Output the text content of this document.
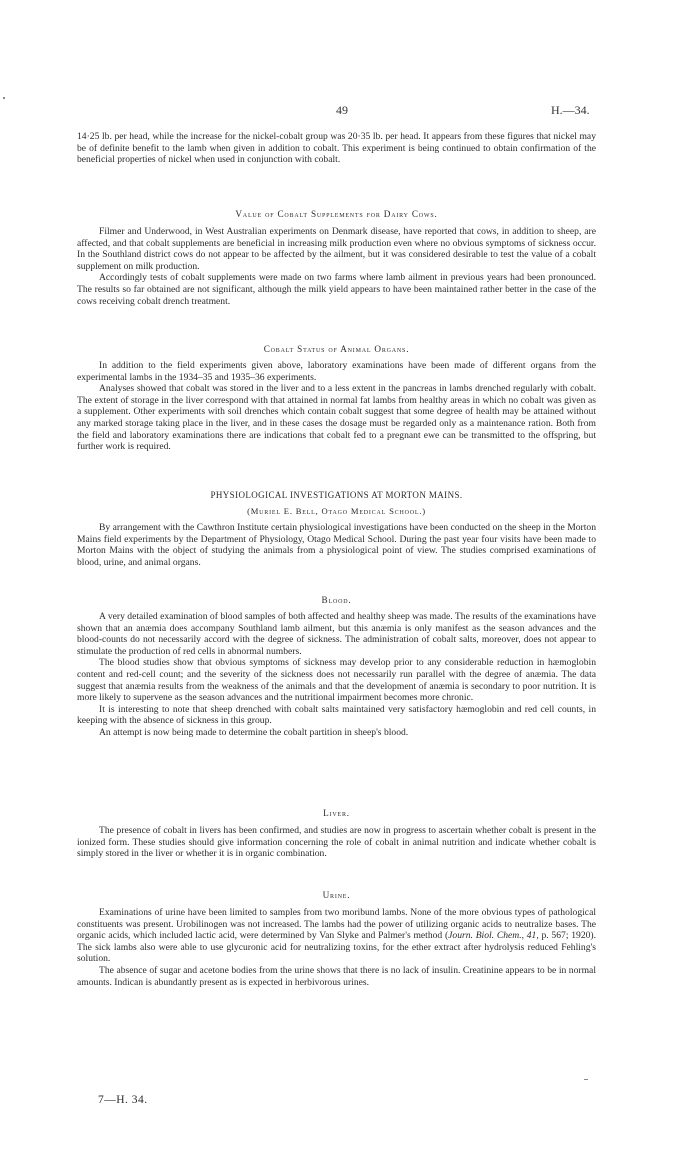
49	H.—34.

14·25 lb. per head, while the increase for the nickel-cobalt group was 20·35 lb. per head. It appears from these figures that nickel may be of definite benefit to the lamb when given in addition to cobalt. This experiment is being continued to obtain confirmation of the beneficial properties of nickel when used in conjunction with cobalt.

Value of Cobalt Supplements for Dairy Cows.

Filmer and Underwood, in West Australian experiments on Denmark disease, have reported that cows, in addition to sheep, are affected, and that cobalt supplements are beneficial in increasing milk production even where no obvious symptoms of sickness occur. In the Southland district cows do not appear to be affected by the ailment, but it was considered desirable to test the value of a cobalt supplement on milk production.

Accordingly tests of cobalt supplements were made on two farms where lamb ailment in previous years had been pronounced. The results so far obtained are not significant, although the milk yield appears to have been maintained rather better in the case of the cows receiving cobalt drench treatment.

Cobalt Status of Animal Organs.

In addition to the field experiments given above, laboratory examinations have been made of different organs from the experimental lambs in the 1934–35 and 1935–36 experiments.

Analyses showed that cobalt was stored in the liver and to a less extent in the pancreas in lambs drenched regularly with cobalt. The extent of storage in the liver correspond with that attained in normal fat lambs from healthy areas in which no cobalt was given as a supplement. Other experiments with soil drenches which contain cobalt suggest that some degree of health may be attained without any marked storage taking place in the liver, and in these cases the dosage must be regarded only as a maintenance ration. Both from the field and laboratory examinations there are indications that cobalt fed to a pregnant ewe can be transmitted to the offspring, but further work is required.

PHYSIOLOGICAL INVESTIGATIONS AT MORTON MAINS.
(Muriel E. Bell, Otago Medical School.)

By arrangement with the Cawthron Institute certain physiological investigations have been conducted on the sheep in the Morton Mains field experiments by the Department of Physiology, Otago Medical School. During the past year four visits have been made to Morton Mains with the object of studying the animals from a physiological point of view. The studies comprised examinations of blood, urine, and animal organs.

Blood.

A very detailed examination of blood samples of both affected and healthy sheep was made. The results of the examinations have shown that an anæmia does accompany Southland lamb ailment, but this anæmia is only manifest as the season advances and the blood-counts do not necessarily accord with the degree of sickness. The administration of cobalt salts, moreover, does not appear to stimulate the production of red cells in abnormal numbers.

The blood studies show that obvious symptoms of sickness may develop prior to any considerable reduction in hæmoglobin content and red-cell count; and the severity of the sickness does not necessarily run parallel with the degree of anæmia. The data suggest that anæmia results from the weakness of the animals and that the development of anæmia is secondary to poor nutrition. It is more likely to supervene as the season advances and the nutritional impairment becomes more chronic.

It is interesting to note that sheep drenched with cobalt salts maintained very satisfactory hæmoglobin and red cell counts, in keeping with the absence of sickness in this group.

An attempt is now being made to determine the cobalt partition in sheep's blood.

Liver.

The presence of cobalt in livers has been confirmed, and studies are now in progress to ascertain whether cobalt is present in the ionized form. These studies should give information concerning the role of cobalt in animal nutrition and indicate whether cobalt is simply stored in the liver or whether it is in organic combination.

Urine.

Examinations of urine have been limited to samples from two moribund lambs. None of the more obvious types of pathological constituents was present. Urobilinogen was not increased. The lambs had the power of utilizing organic acids to neutralize bases. The organic acids, which included lactic acid, were determined by Van Slyke and Palmer's method (Journ. Biol. Chem., 41, p. 567; 1920). The sick lambs also were able to use glycuronic acid for neutralizing toxins, for the ether extract after hydrolysis reduced Fehling's solution.

The absence of sugar and acetone bodies from the urine shows that there is no lack of insulin. Creatinine appears to be in normal amounts. Indican is abundantly present as is expected in herbivorous urines.

7—H. 34.
